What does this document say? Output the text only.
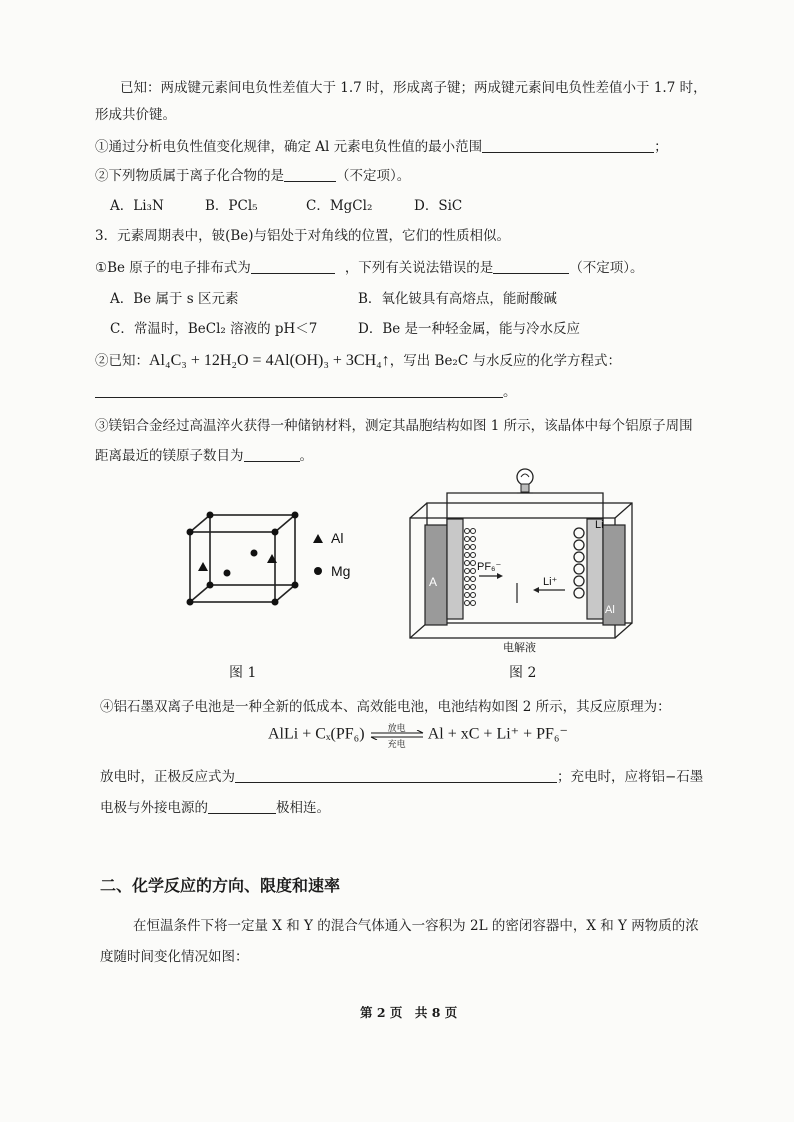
已知：两成键元素间电负性差值大于 1.7 时，形成离子键；两成键元素间电负性差值小于 1.7 时，
形成共价键。
①通过分析电负性值变化规律，确定 Al 元素电负性值的最小范围	；
②下列物质属于离子化合物的是	（不定项）。
A．Li₃N	B．PCl₅	C．MgCl₂	D．SiC
3．元素周期表中，铍(Be)与铝处于对角线的位置，它们的性质相似。
①Be 原子的电子排布式为	，下列有关说法错误的是	（不定项）。
A．Be 属于 s 区元素	B．氧化铍具有高熔点，能耐酸碱
C．常温时，BeCl₂ 溶液的 pH＜7	D．Be 是一种轻金属，能与冷水反应
②已知：Al₄C₃ + 12H₂O = 4Al(OH)₃ + 3CH₄↑，写出 Be₂C 与水反应的化学方程式：
。
③镁铝合金经过高温淬火获得一种储钠材料，测定其晶胞结构如图 1 所示，该晶体中每个铝原子周围
距离最近的镁原子数目为	。
Al
Mg
图 1
A
Li
Al
PF₆⁻
Li⁺
电解液
图 2
④铝石墨双离子电池是一种全新的低成本、高效能电池，电池结构如图 2 所示，其反应原理为：
AlLi + Cₓ(PF₆)	放电
充电
Al + xC + Li⁺ + PF₆⁻
放电时，正极反应式为	；充电时，应将铝−石墨
电极与外接电源的	极相连。
二、化学反应的方向、限度和速率
在恒温条件下将一定量 X 和 Y 的混合气体通入一容积为 2L 的密闭容器中，X 和 Y 两物质的浓
度随时间变化情况如图：
第 2 页　共 8 页
